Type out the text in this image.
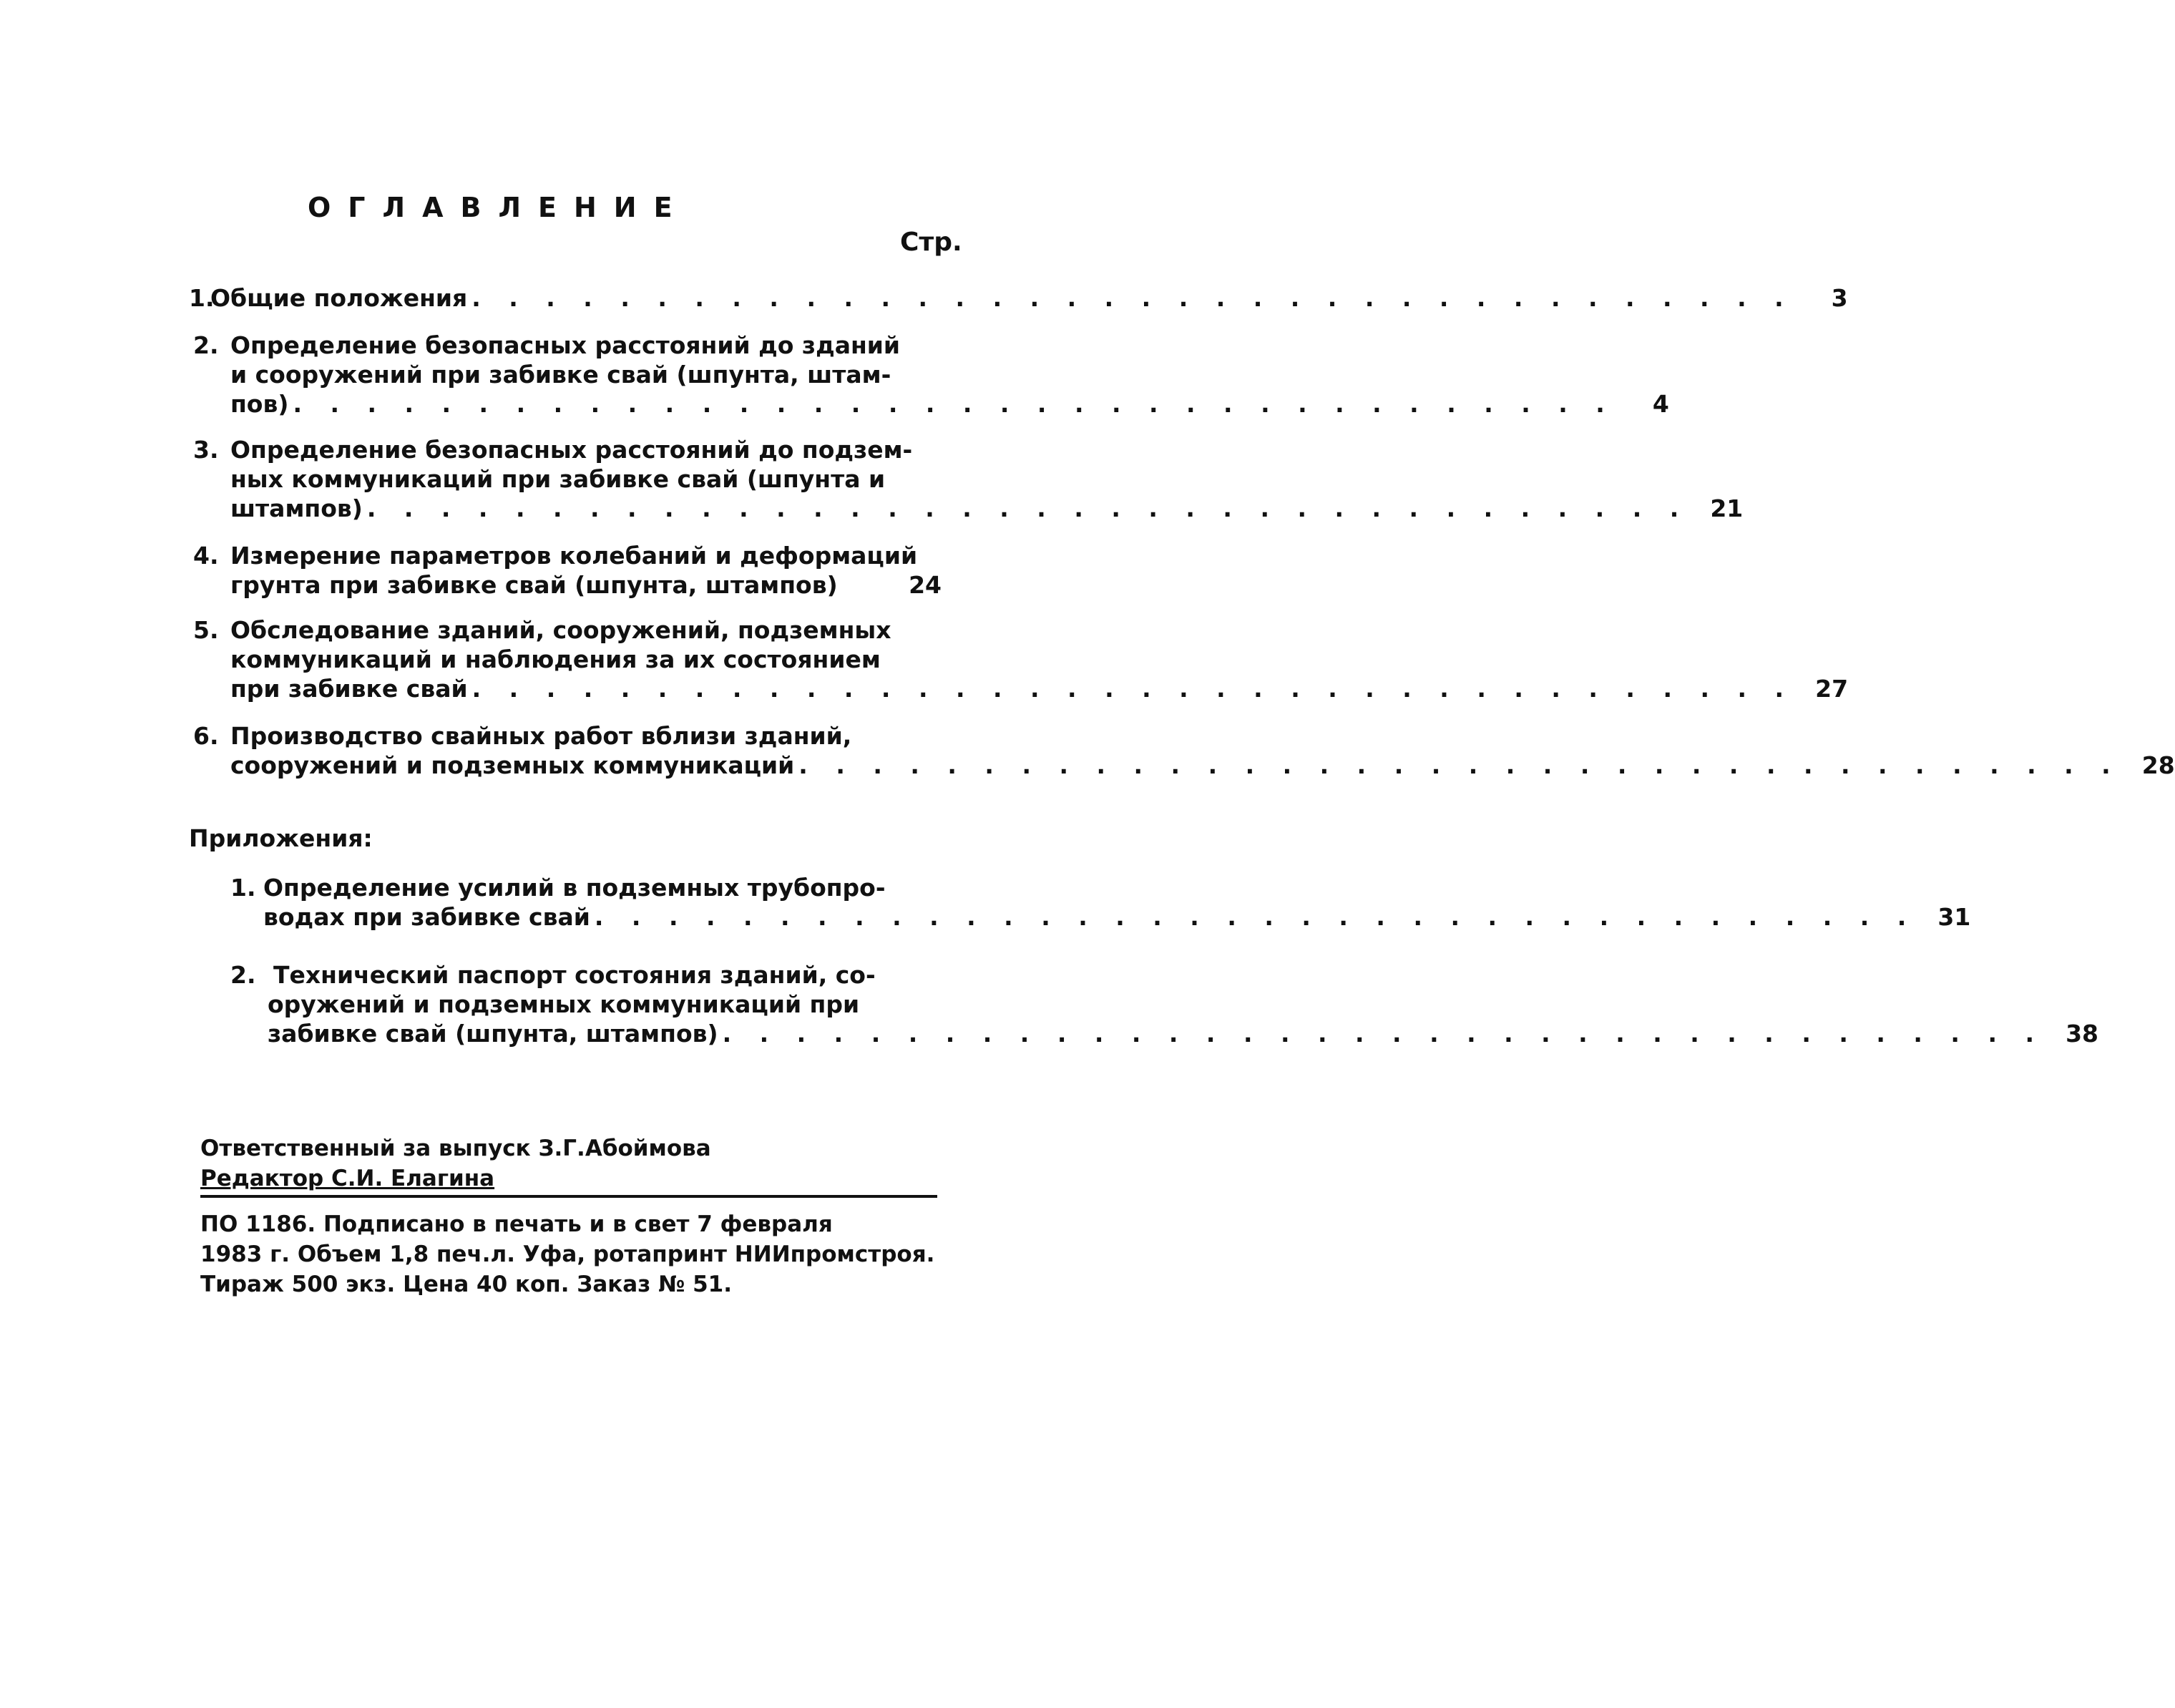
ОГЛАВЛЕНИЕ
Стр.
1.
Общие положения . . . . . . . . . . . . . . . . . . . . . . . . . . . . . . . . . . . .	3
2. Определение безопасных расстояний до зданий
и сооружений при забивке свай (шпунта, штам-
пов) . . . . . . . . . . . . . . . . . . . . . . . . . . . . . . . . . . . .	4
3. Определение безопасных расстояний до подзем-
ных коммуникаций при забивке свай (шпунта и
штампов) . . . . . . . . . . . . . . . . . . . . . . . . . . . . . . . . . . . . 21
4. Измерение параметров колебаний и деформаций
грунта при забивке свай (шпунта, штампов)	24
5. Обследование зданий, сооружений, подземных
коммуникаций и наблюдения за их состоянием
при забивке свай . . . . . . . . . . . . . . . . . . . . . . . . . . . . . . . . . . . . 27
6. Производство свайных работ вблизи зданий,
сооружений и подземных коммуникаций . . . . . . . . . . . . . . . . . . . . . . . . . . . . . . . . . . . . 28
Приложения:
1. Определение усилий в подземных трубопро-
водах при забивке свай . . . . . . . . . . . . . . . . . . . . . . . . . . . . . . . . . . . . 31
2. Технический паспорт состояния зданий, со-
оружений и подземных коммуникаций при
забивке свай (шпунта, штампов) . . . . . . . . . . . . . . . . . . . . . . . . . . . . . . . . . . . . 38
Ответственный за выпуск З.Г.Абоймова
Редактор С.И. Елагина
ПО 1186. Подписано в печать и в свет 7 февраля
1983 г. Объем 1,8 печ.л. Уфа, ротапринт НИИпромстроя.
Тираж 500 экз. Цена 40 коп. Заказ № 51.
